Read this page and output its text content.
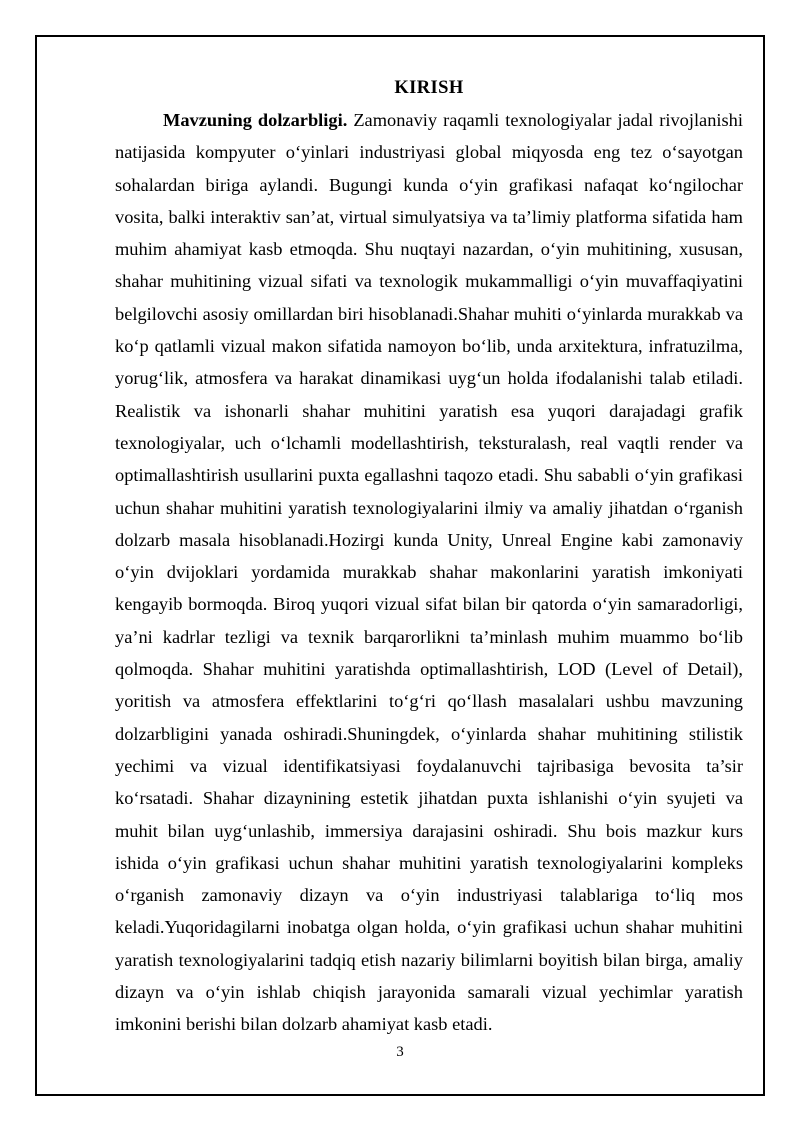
KIRISH

Mavzuning dolzarbligi. Zamonaviy raqamli texnologiyalar jadal rivojlanishi natijasida kompyuter o‘yinlari industriyasi global miqyosda eng tez o‘sayotgan sohalardan biriga aylandi. Bugungi kunda o‘yin grafikasi nafaqat ko‘ngilochar vosita, balki interaktiv san’at, virtual simulyatsiya va ta’limiy platforma sifatida ham muhim ahamiyat kasb etmoqda. Shu nuqtayi nazardan, o‘yin muhitining, xususan, shahar muhitining vizual sifati va texnologik mukammalligi o‘yin muvaffaqiyatini belgilovchi asosiy omillardan biri hisoblanadi.Shahar muhiti o‘yinlarda murakkab va ko‘p qatlamli vizual makon sifatida namoyon bo‘lib, unda arxitektura, infratuzilma, yorug‘lik, atmosfera va harakat dinamikasi uyg‘un holda ifodalanishi talab etiladi. Realistik va ishonarli shahar muhitini yaratish esa yuqori darajadagi grafik texnologiyalar, uch o‘lchamli modellashtirish, teksturalash, real vaqtli render va optimallashtirish usullarini puxta egallashni taqozo etadi. Shu sababli o‘yin grafikasi uchun shahar muhitini yaratish texnologiyalarini ilmiy va amaliy jihatdan o‘rganish dolzarb masala hisoblanadi.Hozirgi kunda Unity, Unreal Engine kabi zamonaviy o‘yin dvijoklari yordamida murakkab shahar makonlarini yaratish imkoniyati kengayib bormoqda. Biroq yuqori vizual sifat bilan bir qatorda o‘yin samaradorligi, ya’ni kadrlar tezligi va texnik barqarorlikni ta’minlash muhim muammo bo‘lib qolmoqda. Shahar muhitini yaratishda optimallashtirish, LOD (Level of Detail), yoritish va atmosfera effektlarini to‘g‘ri qo‘llash masalalari ushbu mavzuning dolzarbligini yanada oshiradi.Shuningdek, o‘yinlarda shahar muhitining stilistik yechimi va vizual identifikatsiyasi foydalanuvchi tajribasiga bevosita ta’sir ko‘rsatadi. Shahar dizaynining estetik jihatdan puxta ishlanishi o‘yin syujeti va muhit bilan uyg‘unlashib, immersiya darajasini oshiradi. Shu bois mazkur kurs ishida o‘yin grafikasi uchun shahar muhitini yaratish texnologiyalarini kompleks o‘rganish zamonaviy dizayn va o‘yin industriyasi talablariga to‘liq mos keladi.Yuqoridagilarni inobatga olgan holda, o‘yin grafikasi uchun shahar muhitini yaratish texnologiyalarini tadqiq etish nazariy bilimlarni boyitish bilan birga, amaliy dizayn va o‘yin ishlab chiqish jarayonida samarali vizual yechimlar yaratish imkonini berishi bilan dolzarb ahamiyat kasb etadi.

3
